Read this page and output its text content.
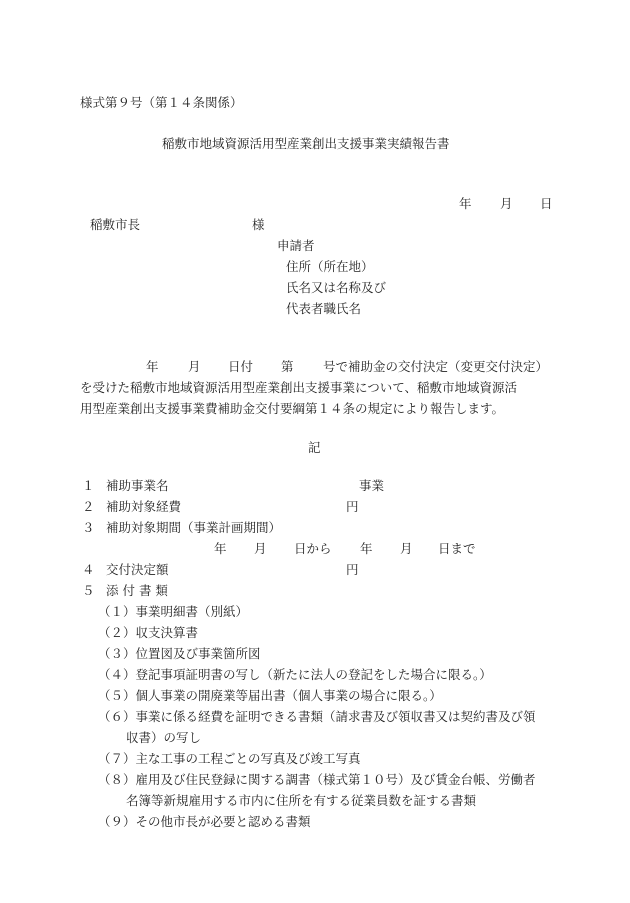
様式第９号（第１４条関係）
稲敷市地域資源活用型産業創出支援事業実績報告書
年 月 日
稲敷市長	様
申請者
住所（所在地）
氏名又は名称及び
代表者職氏名
年 月 日付 第 号で補助金の交付決定（変更交付決定）
を受けた稲敷市地域資源活用型産業創出支援事業について、稲敷市地域資源活
用型産業創出支援事業費補助金交付要綱第１４条の規定により報告します。
記
１ 補助事業名	事業
２ 補助対象経費	円
３ 補助対象期間（事業計画期間）
年 月 日から 年 月 日まで
４ 交付決定額	円
５ 添 付 書 類
（１）事業明細書（別紙）
（２）収支決算書
（３）位置図及び事業箇所図
（４）登記事項証明書の写し（新たに法人の登記をした場合に限る。）
（５）個人事業の開廃業等届出書（個人事業の場合に限る。）
（６）事業に係る経費を証明できる書類（請求書及び領収書又は契約書及び領
収書）の写し
（７）主な工事の工程ごとの写真及び竣工写真
（８）雇用及び住民登録に関する調書（様式第１０号）及び賃金台帳、労働者
名簿等新規雇用する市内に住所を有する従業員数を証する書類
（９）その他市長が必要と認める書類
